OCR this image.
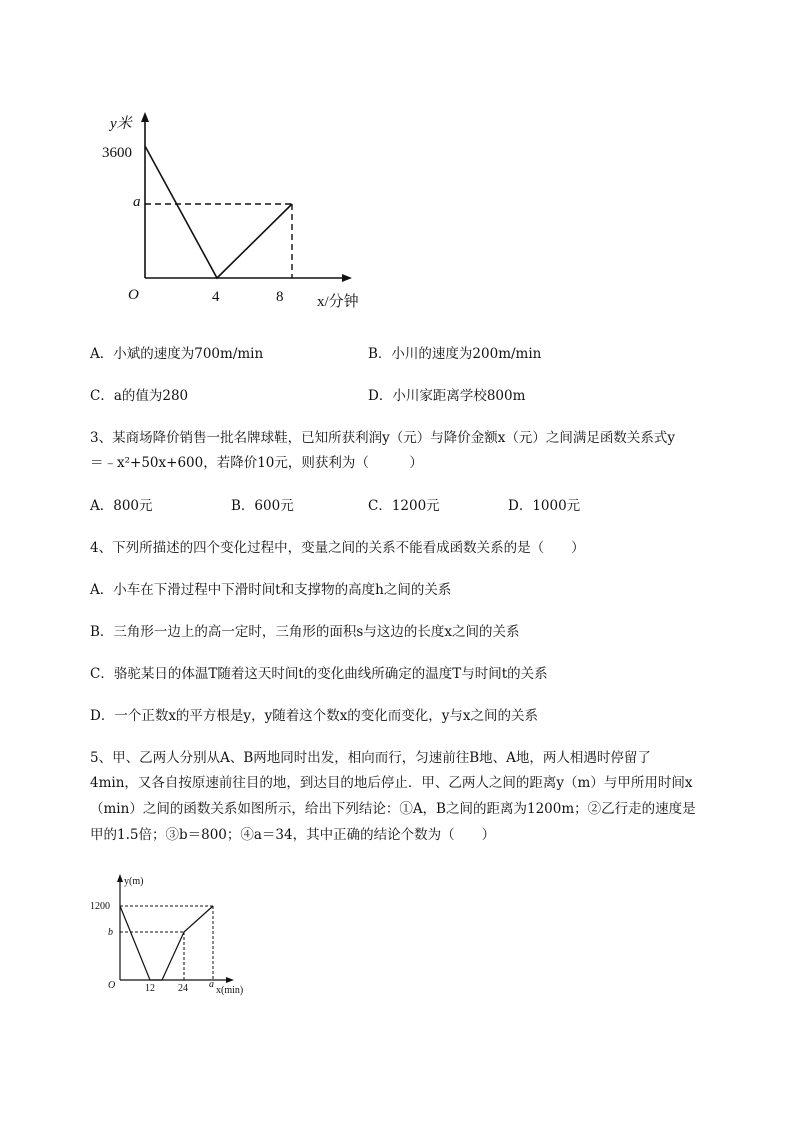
y米
3600
a
O	4	8 x/分钟
A．小斌的速度为700m/min	B．小川的速度为200m/min
C．a的值为280	D．小川家距离学校800m
3、某商场降价销售一批名牌球鞋，已知所获利润y（元）与降价金额x（元）之间满足函数关系式y
＝﹣x²+50x+600，若降价10元，则获利为（　　　）
A．800元	B．600元	C．1200元	D．1000元
4、下列所描述的四个变化过程中，变量之间的关系不能看成函数关系的是（　　）
A．小车在下滑过程中下滑时间t和支撑物的高度h之间的关系
B．三角形一边上的高一定时，三角形的面积s与这边的长度x之间的关系
C．骆驼某日的体温T随着这天时间t的变化曲线所确定的温度T与时间t的关系
D．一个正数x的平方根是y，y随着这个数x的变化而变化，y与x之间的关系
5、甲、乙两人分别从A、B两地同时出发，相向而行，匀速前往B地、A地，两人相遇时停留了
4min，又各自按原速前往目的地，到达目的地后停止．甲、乙两人之间的距离y（m）与甲所用时间x
（min）之间的函数关系如图所示，给出下列结论：①A，B之间的距离为1200m；②乙行走的速度是
甲的1.5倍；③b＝800；④a＝34，其中正确的结论个数为（　　）
y(m)
1200
b
O	12 24 a
x(min)
